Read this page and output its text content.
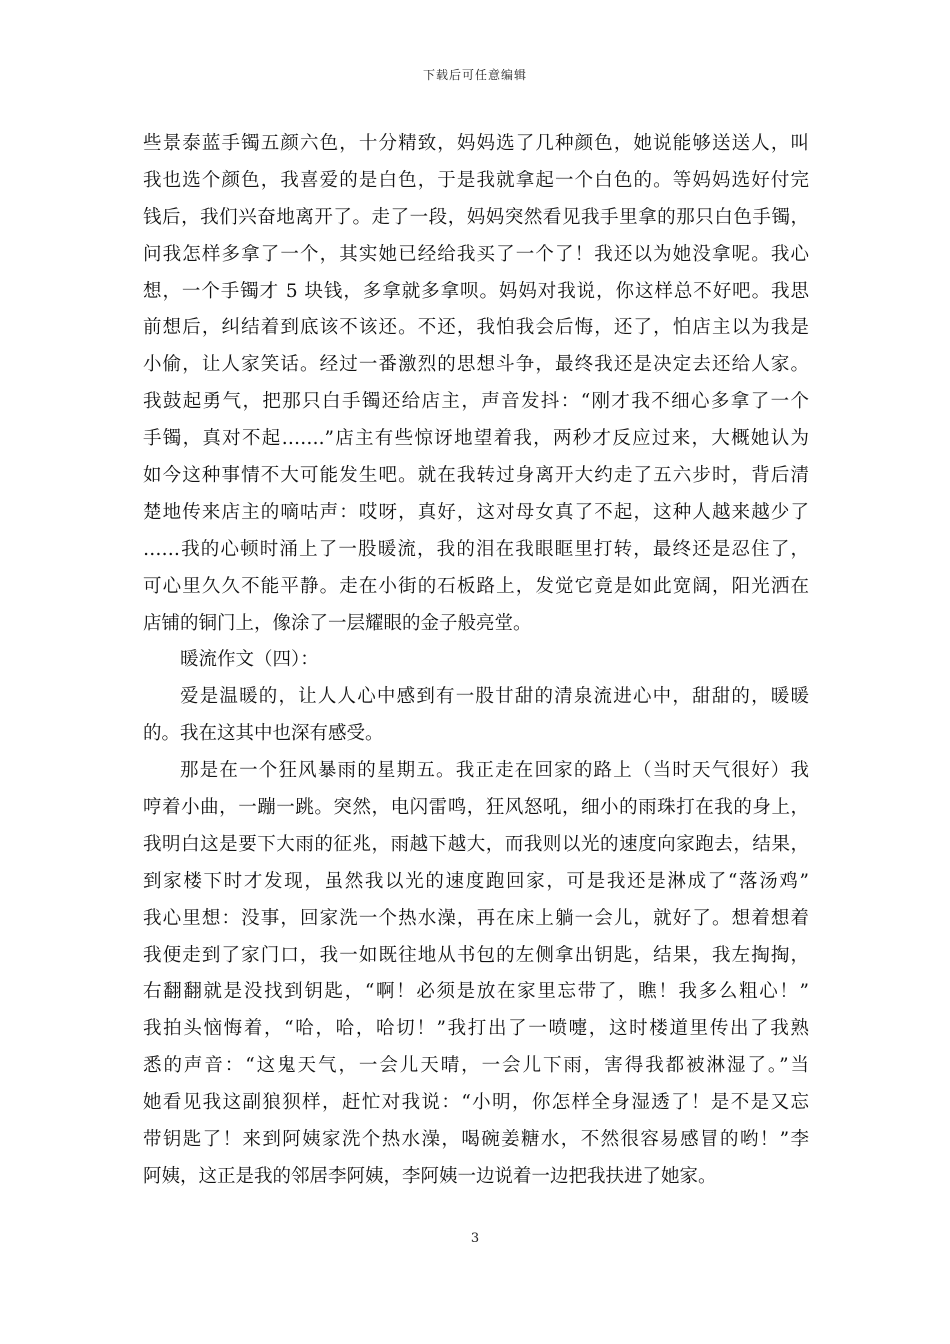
下载后可任意编辑
些景泰蓝手镯五颜六色，十分精致，妈妈选了几种颜色，她说能够送送人，叫
我也选个颜色，我喜爱的是白色，于是我就拿起一个白色的。等妈妈选好付完
钱后，我们兴奋地离开了。走了一段，妈妈突然看见我手里拿的那只白色手镯，
问我怎样多拿了一个，其实她已经给我买了一个了！我还以为她没拿呢。我心
想，一个手镯才 5 块钱，多拿就多拿呗。妈妈对我说，你这样总不好吧。我思
前想后，纠结着到底该不该还。不还，我怕我会后悔，还了，怕店主以为我是
小偷，让人家笑话。经过一番激烈的思想斗争，最终我还是决定去还给人家。
我鼓起勇气，把那只白手镯还给店主，声音发抖：“刚才我不细心多拿了一个
手镯，真对不起…….”店主有些惊讶地望着我，两秒才反应过来，大概她认为
如今这种事情不大可能发生吧。就在我转过身离开大约走了五六步时，背后清
楚地传来店主的嘀咕声：哎呀，真好，这对母女真了不起，这种人越来越少了
……我的心顿时涌上了一股暖流，我的泪在我眼眶里打转，最终还是忍住了，
可心里久久不能平静。走在小街的石板路上，发觉它竟是如此宽阔，阳光洒在
店铺的铜门上，像涂了一层耀眼的金子般亮堂。
暖流作文（四）：
爱是温暖的，让人人心中感到有一股甘甜的清泉流进心中，甜甜的，暖暖
的。我在这其中也深有感受。
那是在一个狂风暴雨的星期五。我正走在回家的路上（当时天气很好）我
哼着小曲，一蹦一跳。突然，电闪雷鸣，狂风怒吼，细小的雨珠打在我的身上，
我明白这是要下大雨的征兆，雨越下越大，而我则以光的速度向家跑去，结果，
到家楼下时才发现，虽然我以光的速度跑回家，可是我还是淋成了“落汤鸡”
我心里想：没事，回家洗一个热水澡，再在床上躺一会儿，就好了。想着想着
我便走到了家门口，我一如既往地从书包的左侧拿出钥匙，结果，我左掏掏，
右翻翻就是没找到钥匙，“啊！必须是放在家里忘带了，瞧！我多么粗心！”
我拍头恼悔着，“哈，哈，哈切！”我打出了一喷嚏，这时楼道里传出了我熟
悉的声音：“这鬼天气，一会儿天晴，一会儿下雨，害得我都被淋湿了。”当
她看见我这副狼狈样，赶忙对我说：“小明，你怎样全身湿透了！是不是又忘
带钥匙了！来到阿姨家洗个热水澡，喝碗姜糖水，不然很容易感冒的哟！”李
阿姨，这正是我的邻居李阿姨，李阿姨一边说着一边把我扶进了她家。
3
